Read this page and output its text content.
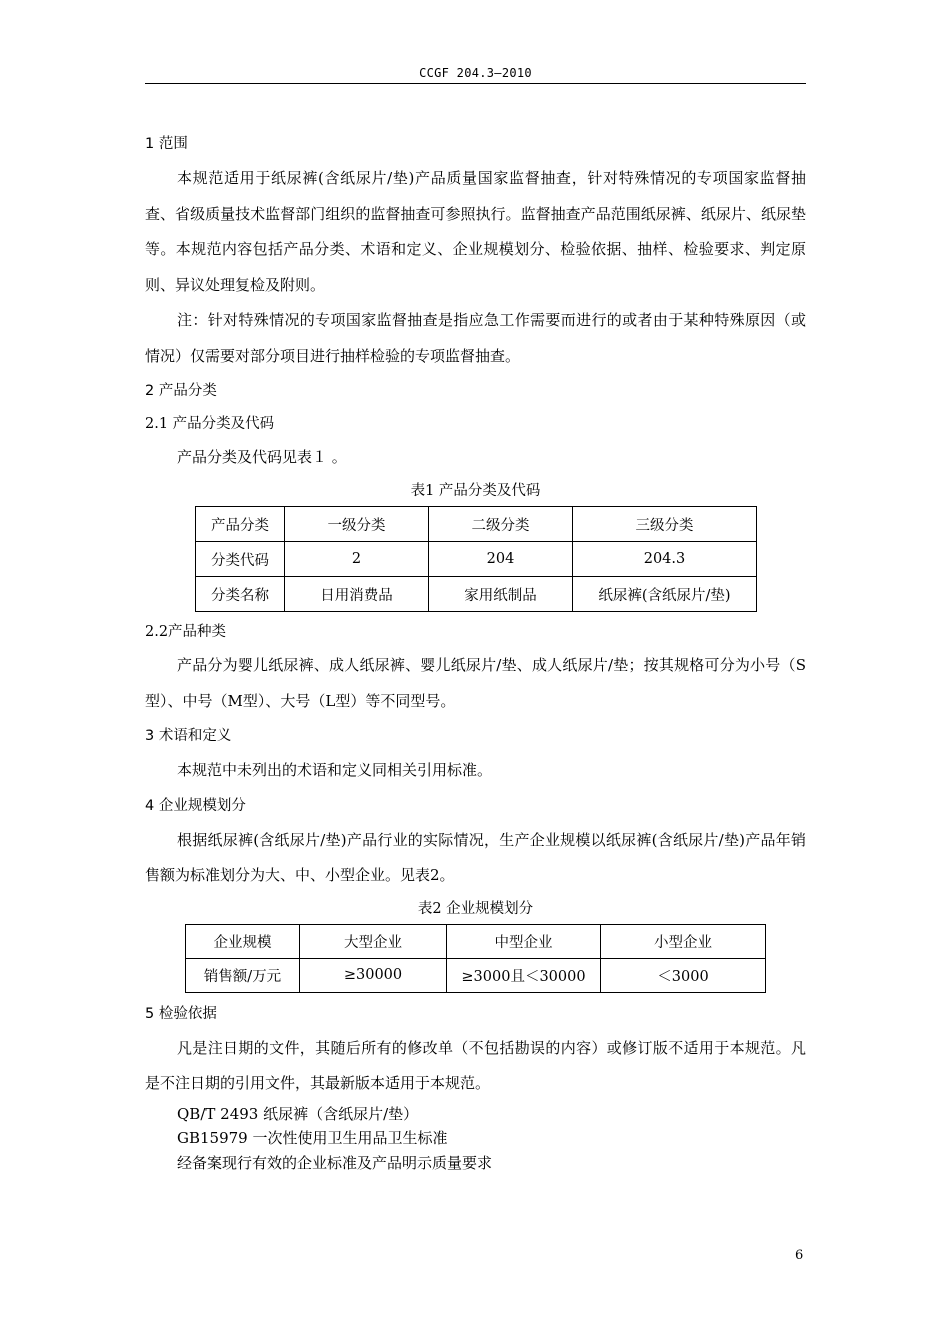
CCGF 204.3—2010
1 范围

本规范适用于纸尿裤(含纸尿片/垫)产品质量国家监督抽查，针对特殊情况的专项国家监督抽查、省级质量技术监督部门组织的监督抽查可参照执行。监督抽查产品范围纸尿裤、纸尿片、纸尿垫等。本规范内容包括产品分类、术语和定义、企业规模划分、检验依据、抽样、检验要求、判定原则、异议处理复检及附则。

注：针对特殊情况的专项国家监督抽查是指应急工作需要而进行的或者由于某种特殊原因（或情况）仅需要对部分项目进行抽样检验的专项监督抽查。

2 产品分类
2.1 产品分类及代码

产品分类及代码见表１ 。

表1 产品分类及代码
产品分类	一级分类	二级分类	三级分类
分类代码	2	204	204.3
分类名称	日用消费品	家用纸制品	纸尿裤(含纸尿片/垫)
2.2产品种类

产品分为婴儿纸尿裤、成人纸尿裤、婴儿纸尿片/垫、成人纸尿片/垫；按其规格可分为小号（S型）、中号（M型）、大号（L型）等不同型号。

3 术语和定义

本规范中未列出的术语和定义同相关引用标准。

4 企业规模划分

根据纸尿裤(含纸尿片/垫)产品行业的实际情况，生产企业规模以纸尿裤(含纸尿片/垫)产品年销售额为标准划分为大、中、小型企业。见表2。

表2 企业规模划分
企业规模	大型企业	中型企业	小型企业
销售额/万元	≥30000	≥3000且＜30000	＜3000
5 检验依据

凡是注日期的文件，其随后所有的修改单（不包括勘误的内容）或修订版不适用于本规范。凡是不注日期的引用文件，其最新版本适用于本规范。

QB/T 2493 纸尿裤（含纸尿片/垫）

GB15979 一次性使用卫生用品卫生标准

经备案现行有效的企业标准及产品明示质量要求

6
